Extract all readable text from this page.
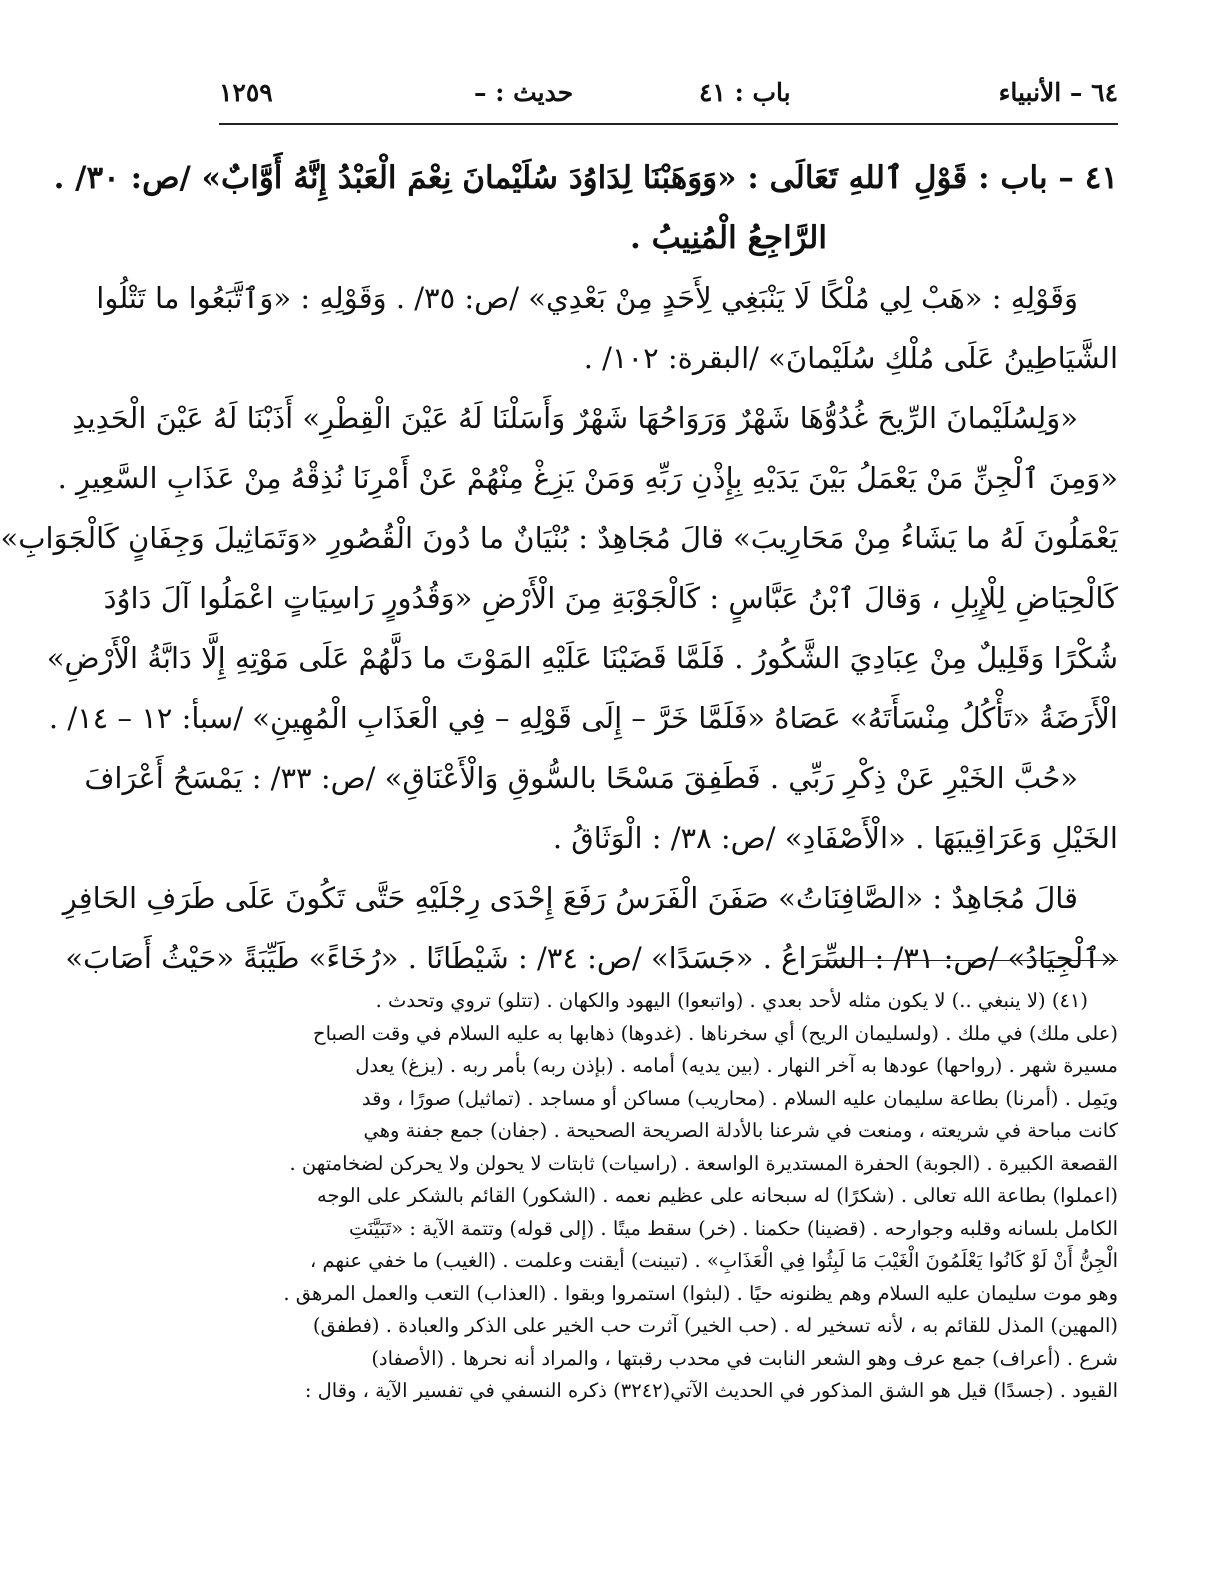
١٢٥٩	حديث : –	باب : ٤١	٦٤ – الأنبياء
٤١ – باب : قَوْلِ ٱللهِ تَعَالَى : «وَوَهَبْنَا لِدَاوُدَ سُلَيْمانَ نِعْمَ الْعَبْدُ إِنَّهُ أَوَّابٌ» /ص: ٣٠/ .
الرَّاجِعُ الْمُنِيبُ .
وَقَوْلِهِ : «هَبْ لِي مُلْكًا لَا يَنْبَغِي لِأَحَدٍ مِنْ بَعْدِي» /ص: ٣٥/ . وَقَوْلِهِ : «وَٱتَّبَعُوا ما تَتْلُوا
الشَّيَاطِينُ عَلَى مُلْكِ سُلَيْمانَ» /البقرة: ١٠٢/ .
«وَلِسُلَيْمانَ الرِّيحَ غُدُوُّهَا شَهْرٌ وَرَوَاحُهَا شَهْرٌ وَأَسَلْنَا لَهُ عَيْنَ الْقِطْرِ» أَذَبْنَا لَهُ عَيْنَ الْحَدِيدِ
«وَمِنَ ٱلْجِنِّ مَنْ يَعْمَلُ بَيْنَ يَدَيْهِ بِإِذْنِ رَبِّهِ وَمَنْ يَزِغْ مِنْهُمْ عَنْ أَمْرِنَا نُذِقْهُ مِنْ عَذَابِ السَّعِيرِ .
يَعْمَلُونَ لَهُ ما يَشَاءُ مِنْ مَحَارِيبَ» قالَ مُجَاهِدٌ : بُنْيَانٌ ما دُونَ الْقُصُورِ «وَتَمَاثِيلَ وَجِفَانٍ كَالْجَوَابِ»
كَالْحِيَاضِ لِلْإِبِلِ ، وَقالَ ٱبْنُ عَبَّاسٍ : كَالْجَوْبَةِ مِنَ الْأَرْضِ «وَقُدُورٍ رَاسِيَاتٍ اعْمَلُوا آلَ دَاوُدَ
شُكْرًا وَقَلِيلٌ مِنْ عِبَادِيَ الشَّكُورُ . فَلَمَّا قَضَيْنَا عَلَيْهِ المَوْتَ ما دَلَّهُمْ عَلَى مَوْتِهِ إِلَّا دَابَّةُ الْأَرْضِ»
الْأَرَضَةُ «تَأْكُلُ مِنْسَأَتَهُ» عَصَاهُ «فَلَمَّا خَرَّ – إِلَى قَوْلِهِ – فِي الْعَذَابِ الْمُهِينِ» /سبأ: ١٢ – ١٤/ .
«حُبَّ الخَيْرِ عَنْ ذِكْرِ رَبِّي . فَطَفِقَ مَسْحًا بالسُّوقِ وَالْأَعْنَاقِ» /ص: ٣٣/ : يَمْسَحُ أَعْرَافَ
الخَيْلِ وَعَرَاقِيبَهَا . «الْأَصْفَادِ» /ص: ٣٨/ : الْوَثَاقُ .
قالَ مُجَاهِدٌ : «الصَّافِنَاتُ» صَفَنَ الْفَرَسُ رَفَعَ إِحْدَى رِجْلَيْهِ حَتَّى تَكُونَ عَلَى طَرَفِ الحَافِرِ
«ٱلْجِيَادُ» /ص: ٣١/ : السِّرَاعُ . «جَسَدًا» /ص: ٣٤/ : شَيْطَانًا . «رُخَاءً» طَيِّبَةً «حَيْثُ أَصَابَ»
(٤١) (لا ينبغي ..) لا يكون مثله لأحد بعدي . (واتبعوا) اليهود والكهان . (تتلو) تروي وتحدث .
(على ملك) في ملك . (ولسليمان الريح) أي سخرناها . (غدوها) ذهابها به عليه السلام في وقت الصباح
مسيرة شهر . (رواحها) عودها به آخر النهار . (بين يديه) أمامه . (بإذن ربه) بأمر ربه . (يزغ) يعدل
ويَمِل . (أمرنا) بطاعة سليمان عليه السلام . (محاريب) مساكن أو مساجد . (تماثيل) صورًا ، وقد
كانت مباحة في شريعته ، ومنعت في شرعنا بالأدلة الصريحة الصحيحة . (جفان) جمع جفنة وهي
القصعة الكبيرة . (الجوبة) الحفرة المستديرة الواسعة . (راسيات) ثابتات لا يحولن ولا يحركن لضخامتهن .
(اعملوا) بطاعة الله تعالى . (شكرًا) له سبحانه على عظيم نعمه . (الشكور) القائم بالشكر على الوجه
الكامل بلسانه وقلبه وجوارحه . (قضينا) حكمنا . (خر) سقط ميتًا . (إلى قوله) وتتمة الآية : «تَبَيَّنَتِ
الْجِنُّ أَنْ لَوْ كَانُوا يَعْلَمُونَ الْغَيْبَ مَا لَبِثُوا فِي الْعَذَابِ» . (تبينت) أيقنت وعلمت . (الغيب) ما خفي عنهم ،
وهو موت سليمان عليه السلام وهم يظنونه حيًا . (لبثوا) استمروا وبقوا . (العذاب) التعب والعمل المرهق .
(المهين) المذل للقائم به ، لأنه تسخير له . (حب الخير) آثرت حب الخير على الذكر والعبادة . (فطفق)
شرع . (أعراف) جمع عرف وهو الشعر النابت في محدب رقبتها ، والمراد أنه نحرها . (الأصفاد)
القيود . (جسدًا) قيل هو الشق المذكور في الحديث الآتي(٣٢٤٢) ذكره النسفي في تفسير الآية ، وقال :
